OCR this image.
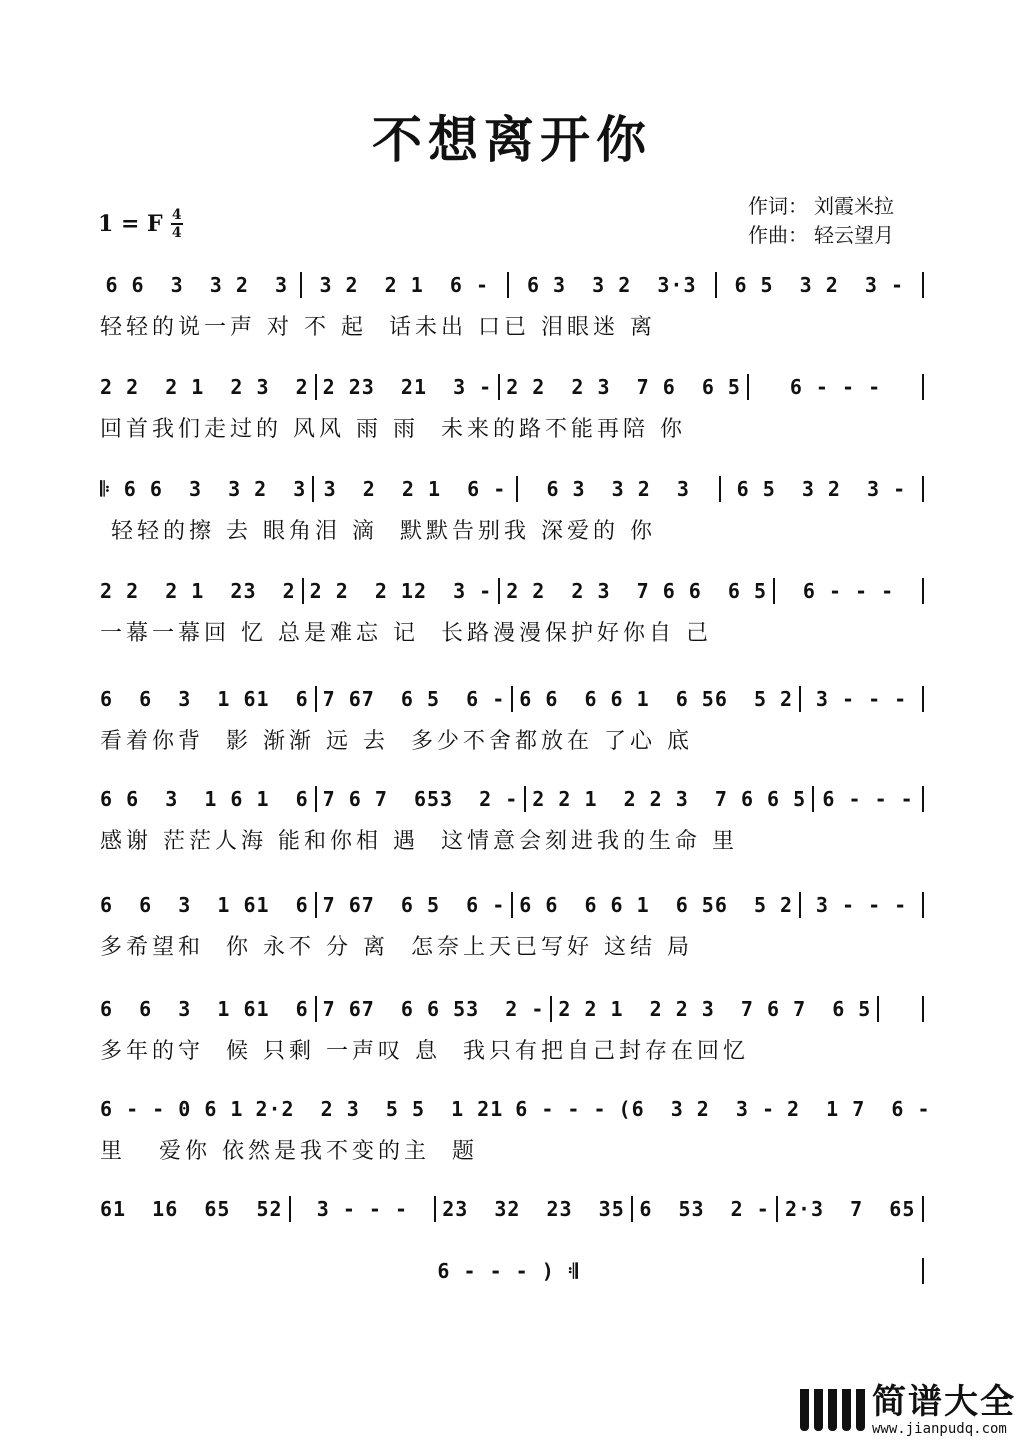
不想离开你
1 = F 4
4
作词： 刘霞米拉
作曲： 轻云望月
6 6  3  3 2  3	3 2  2 1  6 -	6 3  3 2  3·3	6 5  3 2  3 -
轻轻的说一声 对 不 起  话未出 口已 泪眼迷 离
2 2  2 1  2 3  2 2 23  21  3 - 2 2  2 3  7 6  6 5	6 - - -
回首我们走过的 风风 雨 雨  未来的路不能再陪 你
𝄆 6 6  3  3 2  3 3  2  2 1  6 -	6 3  3 2  3	6 5  3 2  3 -
轻轻的擦 去 眼角泪 滴  默默告别我 深爱的 你
2 2  2 1  23  2 2 2  2 12  3 - 2 2  2 3  7 6 6  6 5	6 - - -
一幕一幕回 忆 总是难忘 记  长路漫漫保护好你自 己
6  6  3  1 61  6 7 67  6 5  6 - 6 6  6 6 1  6 56  5 2	3 - - -
看着你背  影 渐渐 远 去  多少不舍都放在 了心 底
6 6  3  1 6 1  6 7 6 7  653  2 - 2 2 1  2 2 3  7 6 6 5 6 - - -
感谢 茫茫人海 能和你相 遇  这情意会刻进我的生命 里
6  6  3  1 61  6 7 67  6 5  6 - 6 6  6 6 1  6 56  5 2	3 - - -
多希望和  你 永不 分 离  怎奈上天已写好 这结 局
6  6  3  1 61  6 7 67  6 6 53  2 - 2 2 1  2 2 3  7 6 7  6 5
多年的守  候 只剩 一声叹 息  我只有把自己封存在回忆
6 - - 0 6 1 2·2  2 3  5 5  1 21 6 - - - (6  3 2  3 - 2  1 7  6 -
里   爱你 依然是我不变的主  题
61  16  65  52	3 - - -	23  32  23  35 6  53  2 - 2·3  7  65
6 - - - ) 𝄇
简谱大全
www.jianpudq.com
